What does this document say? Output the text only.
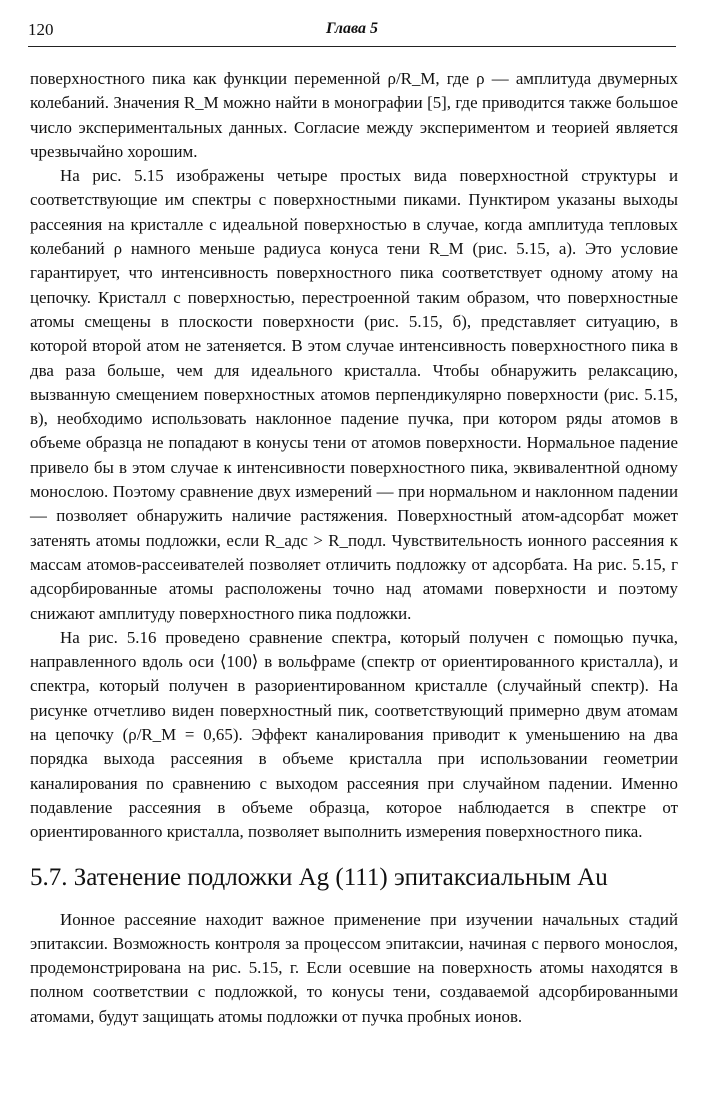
120	Глава 5

поверхностного пика как функции переменной ρ/R_M, где ρ — амплитуда двумерных колебаний. Значения R_M можно найти в монографии [5], где приводится также большое число экспериментальных данных. Согласие между экспериментом и теорией является чрезвычайно хорошим.

На рис. 5.15 изображены четыре простых вида поверхностной структуры и соответствующие им спектры с поверхностными пиками. Пунктиром указаны выходы рассеяния на кристалле с идеальной поверхностью в случае, когда амплитуда тепловых колебаний ρ намного меньше радиуса конуса тени R_M (рис. 5.15, а). Это условие гарантирует, что интенсивность поверхностного пика соответствует одному атому на цепочку. Кристалл с поверхностью, перестроенной таким образом, что поверхностные атомы смещены в плоскости поверхности (рис. 5.15, б), представляет ситуацию, в которой второй атом не затеняется. В этом случае интенсивность поверхностного пика в два раза больше, чем для идеального кристалла. Чтобы обнаружить релаксацию, вызванную смещением поверхностных атомов перпендикулярно поверхности (рис. 5.15, в), необходимо использовать наклонное падение пучка, при котором ряды атомов в объеме образца не попадают в конусы тени от атомов поверхности. Нормальное падение привело бы в этом случае к интенсивности поверхностного пика, эквивалентной одному монослою. Поэтому сравнение двух измерений — при нормальном и наклонном падении — позволяет обнаружить наличие растяжения. Поверхностный атом-адсорбат может затенять атомы подложки, если R_адс > R_подл. Чувствительность ионного рассеяния к массам атомов-рассеивателей позволяет отличить подложку от адсорбата. На рис. 5.15, г адсорбированные атомы расположены точно над атомами поверхности и поэтому снижают амплитуду поверхностного пика подложки.

На рис. 5.16 проведено сравнение спектра, который получен с помощью пучка, направленного вдоль оси ⟨100⟩ в вольфраме (спектр от ориентированного кристалла), и спектра, который получен в разориентированном кристалле (случайный спектр). На рисунке отчетливо виден поверхностный пик, соответствующий примерно двум атомам на цепочку (ρ/R_M = 0,65). Эффект каналирования приводит к уменьшению на два порядка выхода рассеяния в объеме кристалла при использовании геометрии каналирования по сравнению с выходом рассеяния при случайном падении. Именно подавление рассеяния в объеме образца, которое наблюдается в спектре от ориентированного кристалла, позволяет выполнить измерения поверхностного пика.

5.7. Затенение подложки Ag (111) эпитаксиальным Au

Ионное рассеяние находит важное применение при изучении начальных стадий эпитаксии. Возможность контроля за процессом эпитаксии, начиная с первого монослоя, продемонстрирована на рис. 5.15, г. Если осевшие на поверхность атомы находятся в полном соответствии с подложкой, то конусы тени, создаваемой адсорбированными атомами, будут защищать атомы подложки от пучка пробных ионов.
